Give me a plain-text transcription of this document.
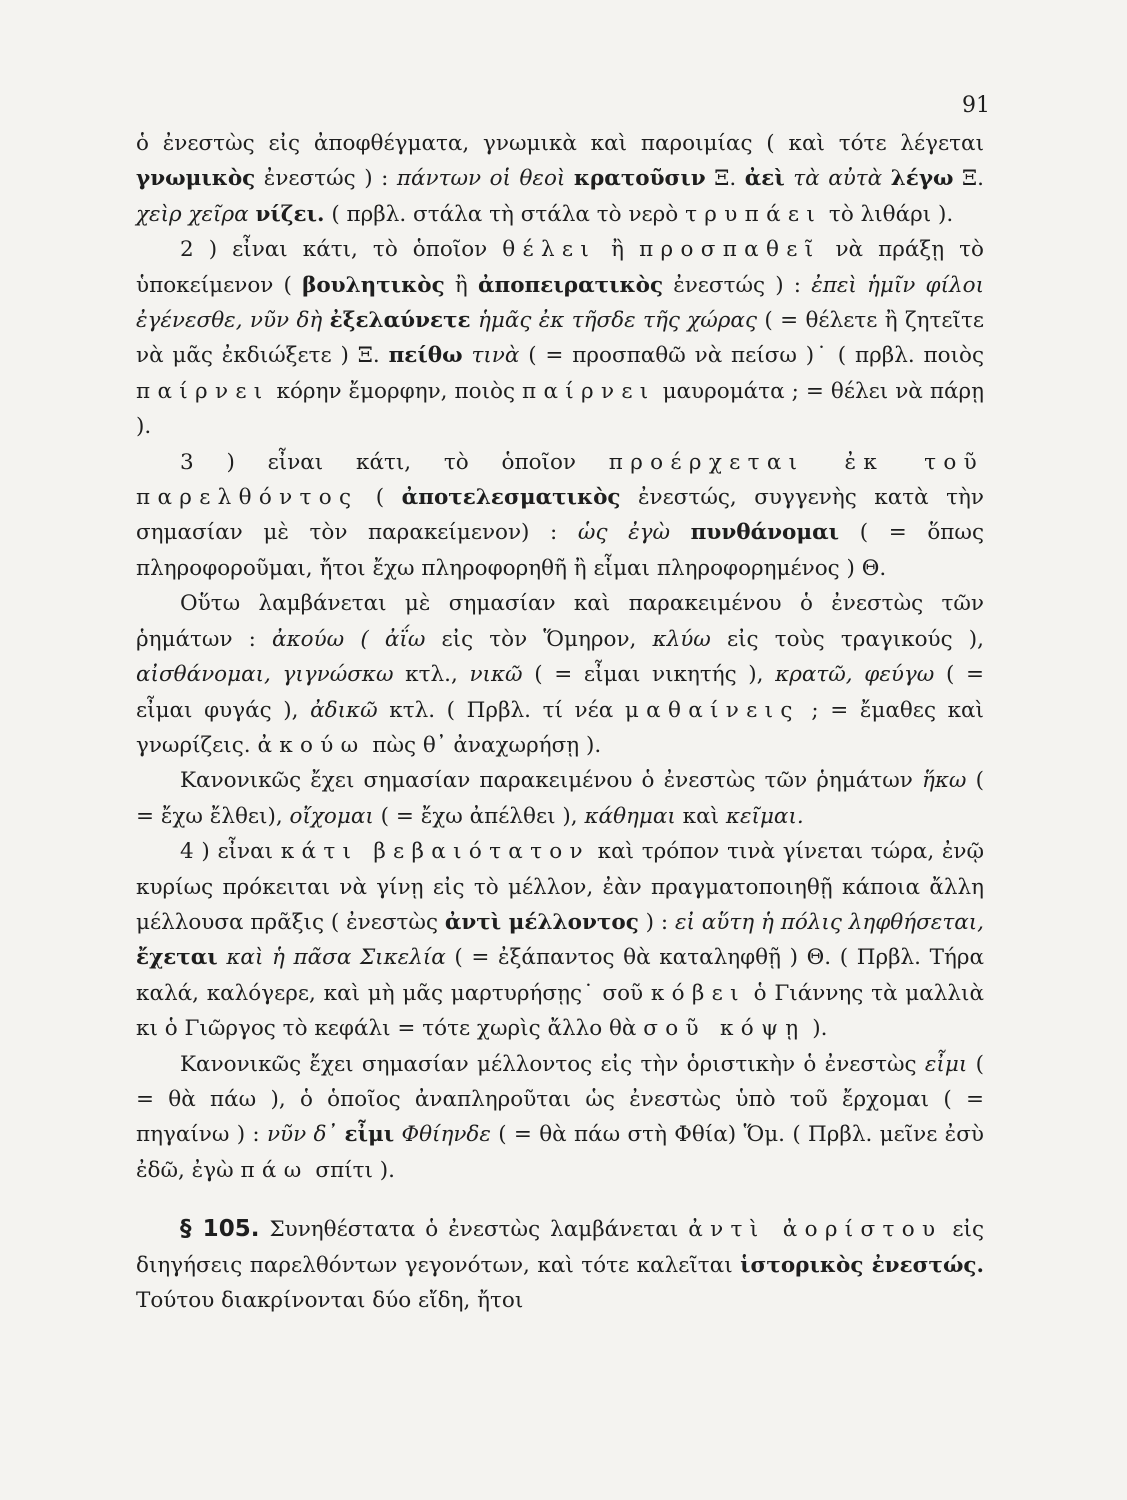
91

ὁ ἐνεστὼς εἰς ἀποφθέγματα, γνωμικὰ καὶ παροιμίας ( καὶ τότε λέγεται γνωμικὸς ἐνεστώς ) : πάντων οἱ θεοὶ κρατοῦσιν Ξ. ἀεὶ τὰ αὐτὰ λέγω Ξ. χεὶρ χεῖρα νίζει. ( πρβλ. στάλα τὴ στάλα τὸ νερὸ τρυπάει τὸ λιθάρι ).

2 ) εἶναι κάτι, τὸ ὁποῖον θέλει ἢ προσπαθεῖ νὰ πράξῃ τὸ ὑποκείμενον ( βουλητικὸς ἢ ἀποπειρατικὸς ἐνεστώς ) : ἐπεὶ ἡμῖν φίλοι ἐγένεσθε, νῦν δὴ ἐξελαύνετε ἡμᾶς ἐκ τῆσδε τῆς χώρας ( = θέλετε ἢ ζητεῖτε νὰ μᾶς ἐκδιώξετε ) Ξ. πείθω τινὰ ( = προσπαθῶ νὰ πείσω )˙ ( πρβλ. ποιὸς παίρνει κόρην ἔμορφην, ποιὸς παίρνει μαυρομάτα ; = θέλει νὰ πάρῃ ).

3 ) εἶναι κάτι, τὸ ὁποῖον προέρχεται ἐκ τοῦ παρελθόντος ( ἀποτελεσματικὸς ἐνεστώς, συγγενὴς κατὰ τὴν σημασίαν μὲ τὸν παρακείμενον) : ὡς ἐγὼ πυνθάνομαι ( = ὅπως πληροφοροῦμαι, ἤτοι ἔχω πληροφορηθῆ ἢ εἶμαι πληροφορημένος ) Θ.

Οὕτω λαμβάνεται μὲ σημασίαν καὶ παρακειμένου ὁ ἐνεστὼς τῶν ῥημάτων : ἀκούω ( ἀΐω εἰς τὸν Ὅμηρον, κλύω εἰς τοὺς τραγικούς ), αἰσθάνομαι, γιγνώσκω κτλ., νικῶ ( = εἶμαι νικητής ), κρατῶ, φεύγω ( = εἶμαι φυγάς ), ἀδικῶ κτλ. ( Πρβλ. τί νέα μαθαίνεις ; = ἔμαθες καὶ γνωρίζεις. ἀκούω πὼς θ᾽ ἀναχωρήσῃ ).

Κανονικῶς ἔχει σημασίαν παρακειμένου ὁ ἐνεστὼς τῶν ῥημάτων ἥκω ( = ἔχω ἔλθει), οἴχομαι ( = ἔχω ἀπέλθει ), κάθημαι καὶ κεῖμαι.

4 ) εἶναι κάτι βεβαιότατον καὶ τρόπον τινὰ γίνεται τώρα, ἐνῷ κυρίως πρόκειται νὰ γίνῃ εἰς τὸ μέλλον, ἐὰν πραγματοποιηθῇ κάποια ἄλλη μέλλουσα πρᾶξις ( ἐνεστὼς ἀντὶ μέλλοντος ) : εἰ αὕτη ἡ πόλις ληφθήσεται, ἔχεται καὶ ἡ πᾶσα Σικελία ( = ἐξάπαντος θὰ καταληφθῇ ) Θ. ( Πρβλ. Τήρα καλά, καλόγερε, καὶ μὴ μᾶς μαρτυρήσῃς˙ σοῦ κόβει ὁ Γιάννης τὰ μαλλιὰ κι ὁ Γιῶργος τὸ κεφάλι = τότε χωρὶς ἄλλο θὰ σοῦ κόψῃ ).

Κανονικῶς ἔχει σημασίαν μέλλοντος εἰς τὴν ὁριστικὴν ὁ ἐνεστὼς εἶμι ( = θὰ πάω ), ὁ ὁποῖος ἀναπληροῦται ὡς ἐνεστὼς ὑπὸ τοῦ ἔρχομαι ( = πηγαίνω ) : νῦν δ᾽ εἶμι Φθίηνδε ( = θὰ πάω στὴ Φθία) Ὅμ. ( Πρβλ. μεῖνε ἐσὺ ἐδῶ, ἐγὼ πάω σπίτι ).

§ 105. Συνηθέστατα ὁ ἐνεστὼς λαμβάνεται ἀντὶ ἀορίστου εἰς διηγήσεις παρελθόντων γεγονότων, καὶ τότε καλεῖται ἱστορικὸς ἐνεστώς. Τούτου διακρίνονται δύο εἴδη, ἤτοι
